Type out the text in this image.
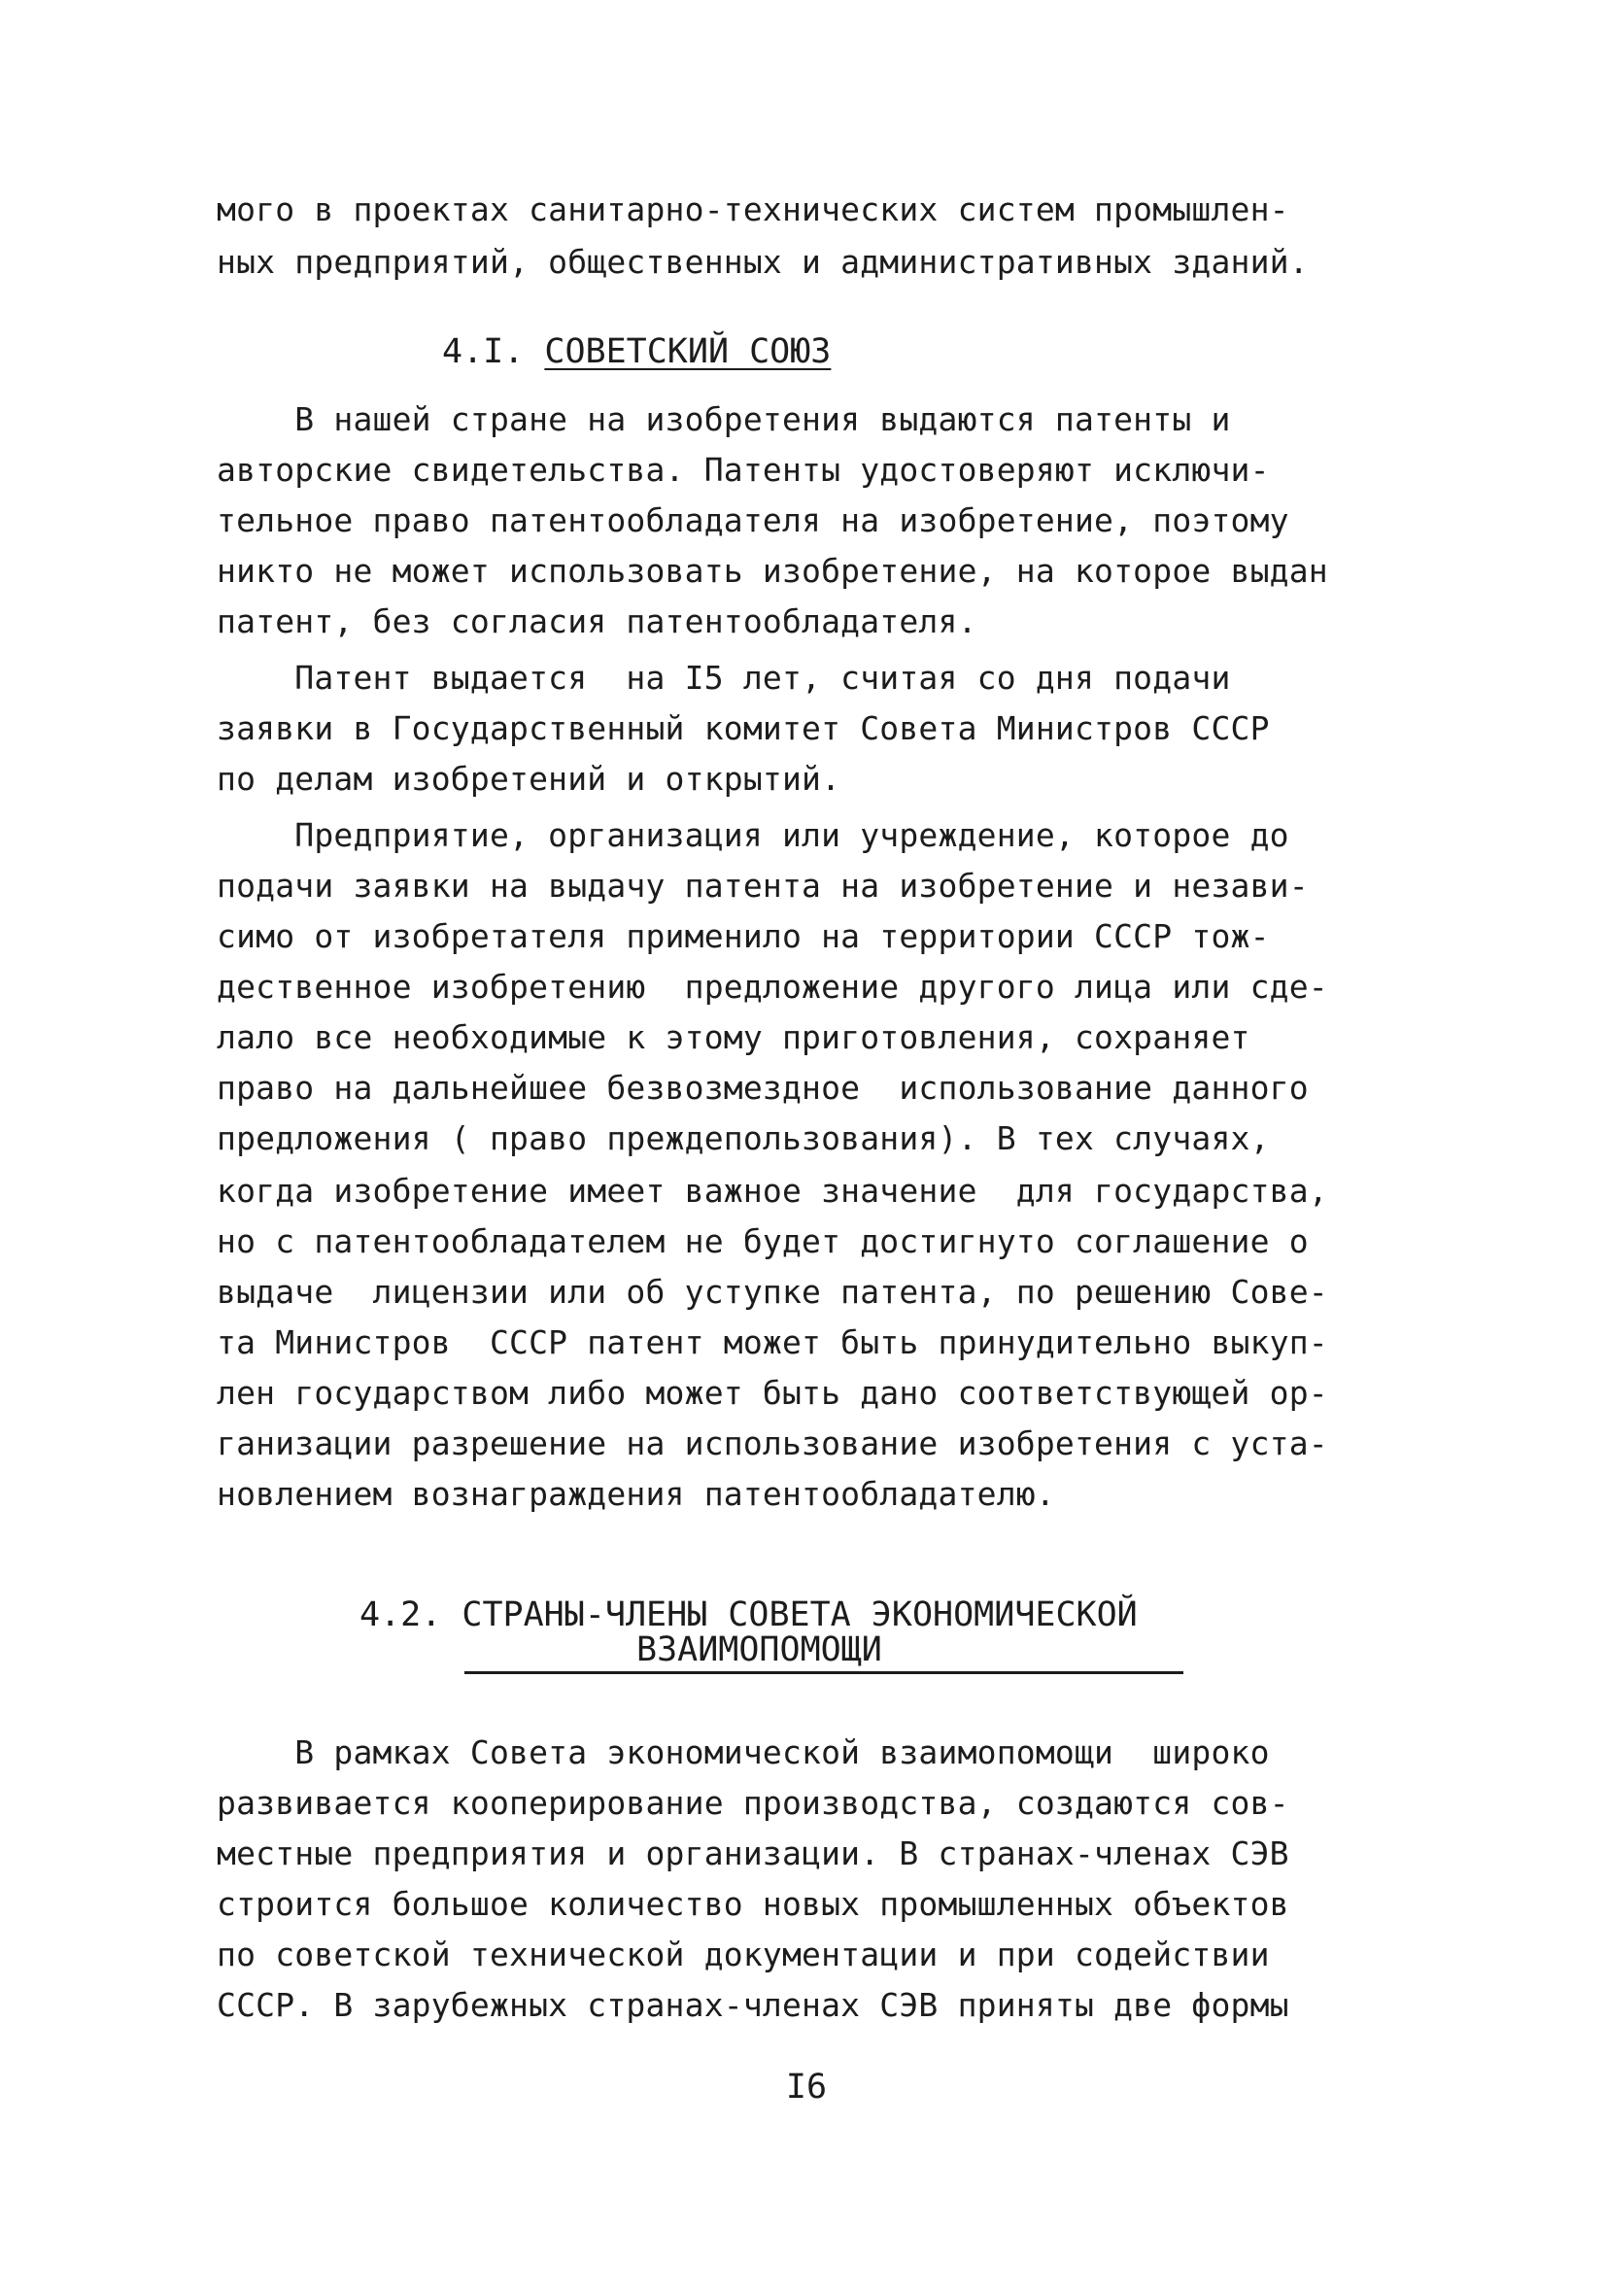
мого в проектах санитарно-технических систем промышлен-
ных предприятий, общественных и административных зданий.
4.I. СОВЕТСКИЙ СОЮЗ
В нашей стране на изобретения выдаются патенты и
авторские свидетельства. Патенты удостоверяют исключи-
тельное право патентообладателя на изобретение, поэтому
никто не может использовать изобретение, на которое выдан
патент, без согласия патентообладателя.
Патент выдается  на I5 лет, считая со дня подачи
заявки в Государственный комитет Совета Министров СССР
по делам изобретений и открытий.
Предприятие, организация или учреждение, которое до
подачи заявки на выдачу патента на изобретение и незави-
симо от изобретателя применило на территории СССР тож-
дественное изобретению  предложение другого лица или сде-
лало все необходимые к этому приготовления, сохраняет
право на дальнейшее безвозмездное  использование данного
предложения ( право преждепользования). В тех случаях,
когда изобретение имеет важное значение  для государства,
но с патентообладателем не будет достигнуто соглашение о
выдаче  лицензии или об уступке патента, по решению Сове-
та Министров  СССР патент может быть принудительно выкуп-
лен государством либо может быть дано соответствующей ор-
ганизации разрешение на использование изобретения с уста-
новлением вознаграждения патентообладателю.
4.2. СТРАНЫ-ЧЛЕНЫ СОВЕТА ЭКОНОМИЧЕСКОЙ
ВЗАИМОПОМОЩИ
В рамках Совета экономической взаимопомощи  широко
развивается кооперирование производства, создаются сов-
местные предприятия и организации. В странах-членах СЭВ
строится большое количество новых промышленных объектов
по советской технической документации и при содействии
СССР. В зарубежных странах-членах СЭВ приняты две формы
I6
